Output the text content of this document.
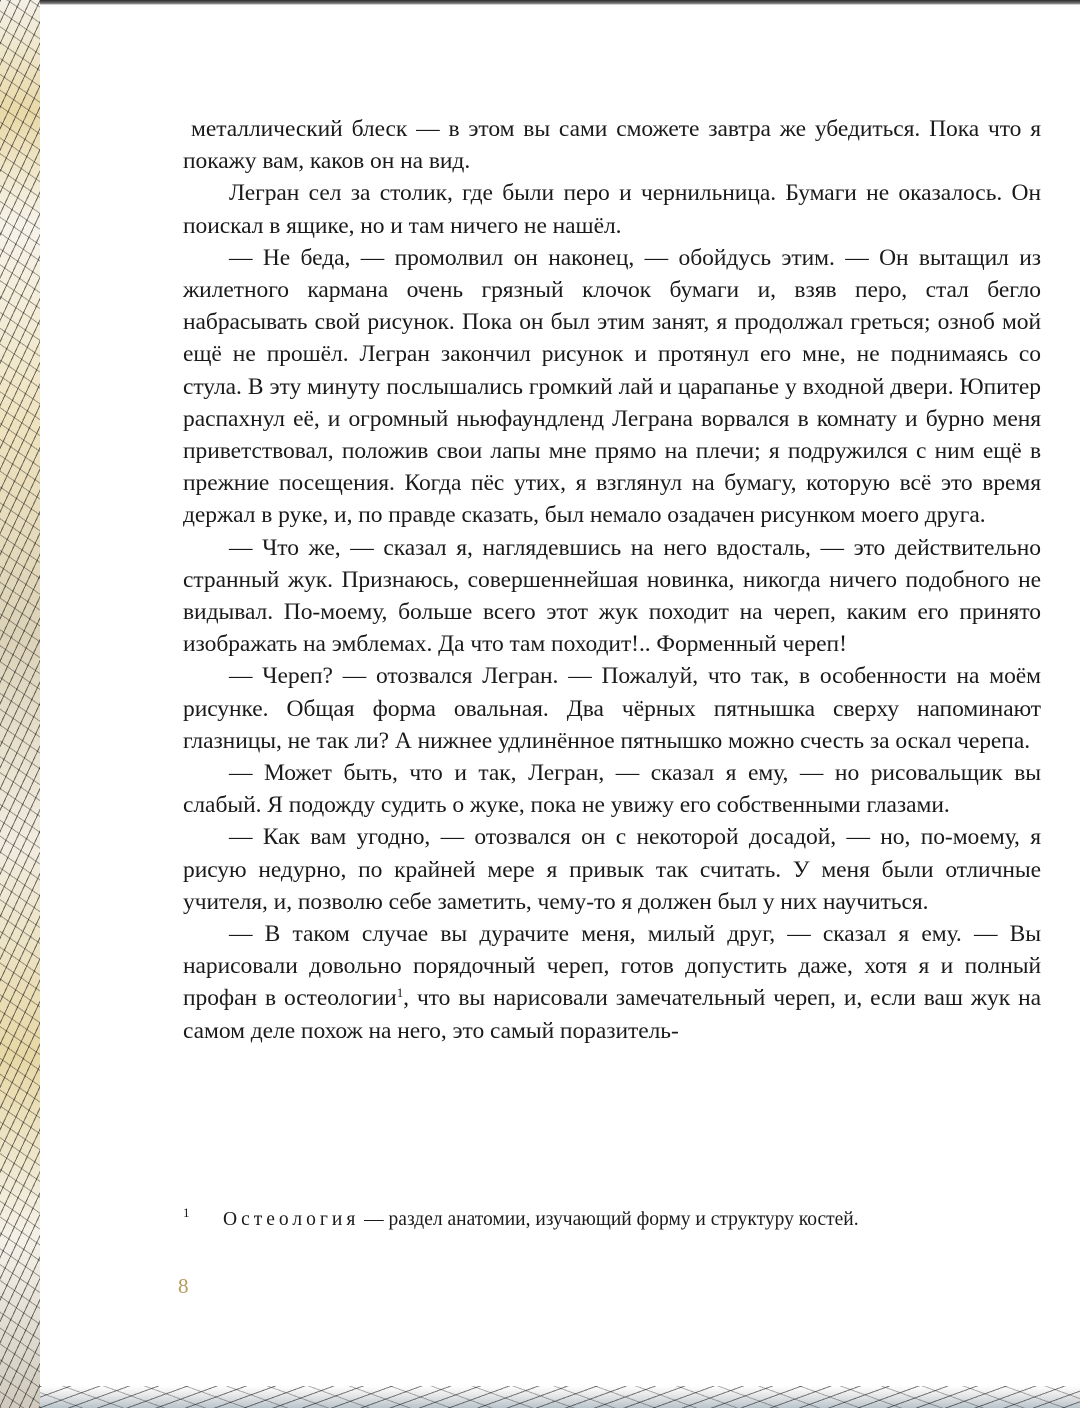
металлический блеск — в этом вы сами сможете завтра же убедиться. Пока что я покажу вам, каков он на вид.

Легран сел за столик, где были перо и чернильница. Бумаги не оказалось. Он поискал в ящике, но и там ничего не нашёл.

— Не беда, — промолвил он наконец, — обойдусь этим. — Он вытащил из жилетного кармана очень грязный клочок бумаги и, взяв перо, стал бегло набрасывать свой рисунок. Пока он был этим занят, я продолжал греться; озноб мой ещё не прошёл. Легран закончил рисунок и протянул его мне, не поднимаясь со стула. В эту минуту послышались громкий лай и царапанье у входной двери. Юпитер распахнул её, и огромный ньюфаундленд Леграна ворвался в комнату и бурно меня приветствовал, положив свои лапы мне прямо на плечи; я подружился с ним ещё в прежние посещения. Когда пёс утих, я взглянул на бумагу, которую всё это время держал в руке, и, по правде сказать, был немало озадачен рисунком моего друга.

— Что же, — сказал я, наглядевшись на него вдосталь, — это действительно странный жук. Признаюсь, совершеннейшая новинка, никогда ничего подобного не видывал. По-моему, больше всего этот жук походит на череп, каким его принято изображать на эмблемах. Да что там походит!.. Форменный череп!

— Череп? — отозвался Легран. — Пожалуй, что так, в особенности на моём рисунке. Общая форма овальная. Два чёрных пятнышка сверху напоминают глазницы, не так ли? А нижнее удлинённое пятнышко можно счесть за оскал черепа.

— Может быть, что и так, Легран, — сказал я ему, — но рисовальщик вы слабый. Я подожду судить о жуке, пока не увижу его собственными глазами.

— Как вам угодно, — отозвался он с некоторой досадой, — но, по-моему, я рисую недурно, по крайней мере я привык так считать. У меня были отличные учителя, и, позволю себе заметить, чему-то я должен был у них научиться.

— В таком случае вы дурачите меня, милый друг, — сказал я ему. — Вы нарисовали довольно порядочный череп, готов допустить даже, хотя я и полный профан в остеологии$^1$, что вы нарисовали замечательный череп, и, если ваш жук на самом деле похож на него, это самый поразитель-

1 Остеология — раздел анатомии, изучающий форму и структуру костей.

8
